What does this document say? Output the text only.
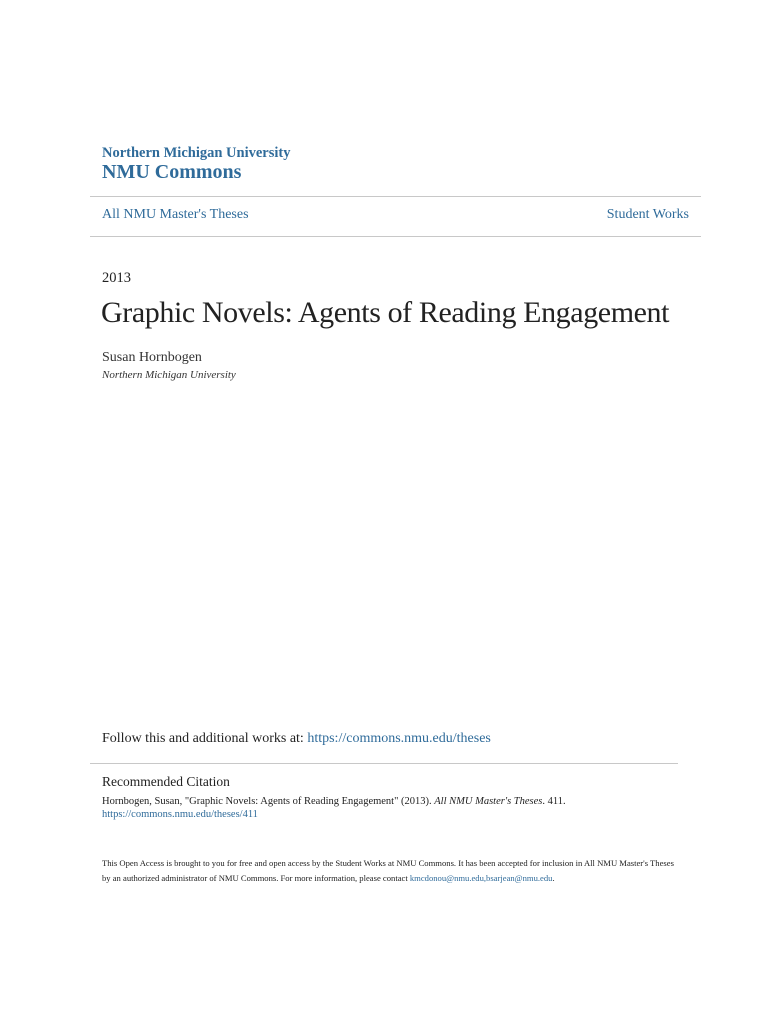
Northern Michigan University
NMU Commons
All NMU Master's Theses	Student Works
2013
Graphic Novels: Agents of Reading Engagement
Susan Hornbogen
Northern Michigan University
Follow this and additional works at: https://commons.nmu.edu/theses
Recommended Citation
Hornbogen, Susan, "Graphic Novels: Agents of Reading Engagement" (2013). All NMU Master's Theses. 411.
https://commons.nmu.edu/theses/411
This Open Access is brought to you for free and open access by the Student Works at NMU Commons. It has been accepted for inclusion in All NMU Master's Theses by an authorized administrator of NMU Commons. For more information, please contact kmcdonou@nmu.edu,bsarjean@nmu.edu.
